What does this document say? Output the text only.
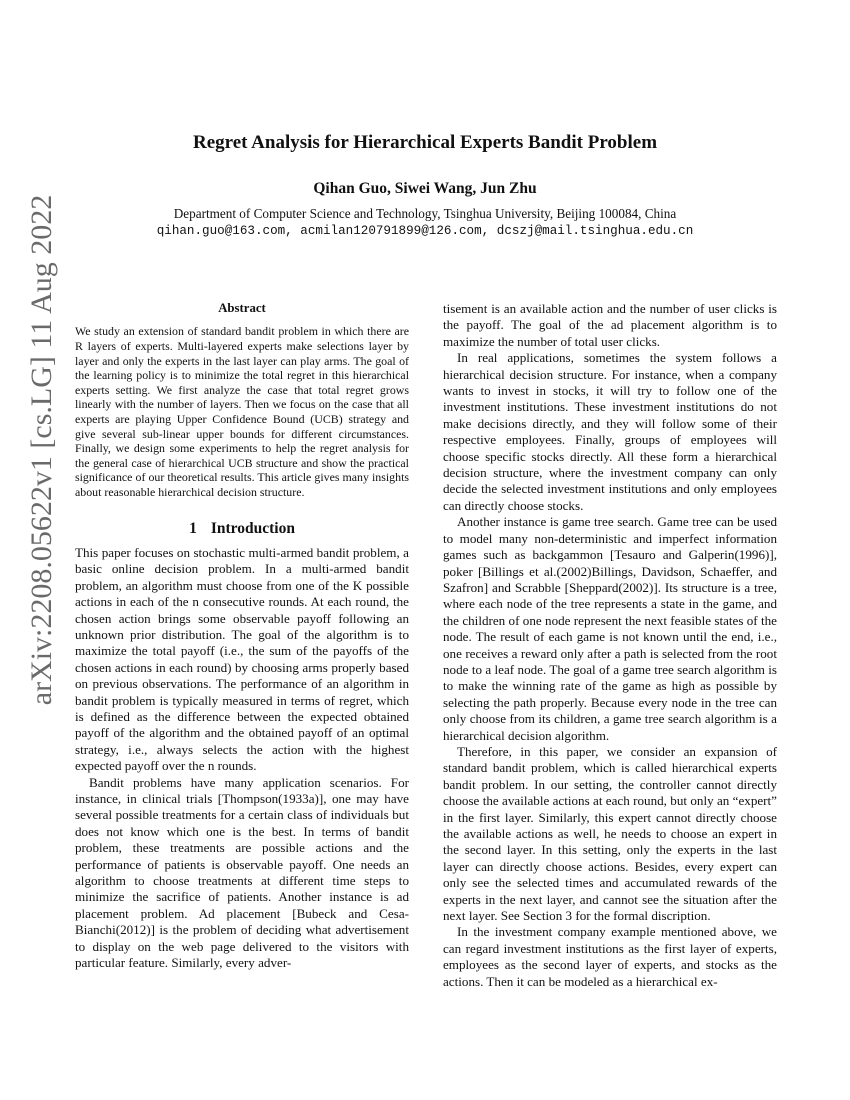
arXiv:2208.05622v1 [cs.LG] 11 Aug 2022
Regret Analysis for Hierarchical Experts Bandit Problem
Qihan Guo, Siwei Wang, Jun Zhu
Department of Computer Science and Technology, Tsinghua University, Beijing 100084, China
qihan.guo@163.com, acmilan120791899@126.com, dcszj@mail.tsinghua.edu.cn
Abstract

We study an extension of standard bandit problem in which there are R layers of experts. Multi-layered experts make selections layer by layer and only the experts in the last layer can play arms. The goal of the learning policy is to minimize the total regret in this hierarchical experts setting. We first analyze the case that total regret grows linearly with the number of layers. Then we focus on the case that all experts are playing Upper Confidence Bound (UCB) strategy and give several sub-linear upper bounds for different circumstances. Finally, we design some experiments to help the regret analysis for the general case of hierarchical UCB structure and show the practical significance of our theoretical results. This article gives many insights about reasonable hierarchical decision structure.

1 Introduction

This paper focuses on stochastic multi-armed bandit problem, a basic online decision problem. In a multi-armed bandit problem, an algorithm must choose from one of the K possible actions in each of the n consecutive rounds. At each round, the chosen action brings some observable payoff following an unknown prior distribution. The goal of the algorithm is to maximize the total payoff (i.e., the sum of the payoffs of the chosen actions in each round) by choosing arms properly based on previous observations. The performance of an algorithm in bandit problem is typically measured in terms of regret, which is defined as the difference between the expected obtained payoff of the algorithm and the obtained payoff of an optimal strategy, i.e., always selects the action with the highest expected payoff over the n rounds.

Bandit problems have many application scenarios. For instance, in clinical trials [Thompson(1933a)], one may have several possible treatments for a certain class of individuals but does not know which one is the best. In terms of bandit problem, these treatments are possible actions and the performance of patients is observable payoff. One needs an algorithm to choose treatments at different time steps to minimize the sacrifice of patients. Another instance is ad placement problem. Ad placement [Bubeck and Cesa-Bianchi(2012)] is the problem of deciding what advertisement to display on the web page delivered to the visitors with particular feature. Similarly, every adver-

tisement is an available action and the number of user clicks is the payoff. The goal of the ad placement algorithm is to maximize the number of total user clicks.

In real applications, sometimes the system follows a hierarchical decision structure. For instance, when a company wants to invest in stocks, it will try to follow one of the investment institutions. These investment institutions do not make decisions directly, and they will follow some of their respective employees. Finally, groups of employees will choose specific stocks directly. All these form a hierarchical decision structure, where the investment company can only decide the selected investment institutions and only employees can directly choose stocks.

Another instance is game tree search. Game tree can be used to model many non-deterministic and imperfect information games such as backgammon [Tesauro and Galperin(1996)], poker [Billings et al.(2002)Billings, Davidson, Schaeffer, and Szafron] and Scrabble [Sheppard(2002)]. Its structure is a tree, where each node of the tree represents a state in the game, and the children of one node represent the next feasible states of the node. The result of each game is not known until the end, i.e., one receives a reward only after a path is selected from the root node to a leaf node. The goal of a game tree search algorithm is to make the winning rate of the game as high as possible by selecting the path properly. Because every node in the tree can only choose from its children, a game tree search algorithm is a hierarchical decision algorithm.

Therefore, in this paper, we consider an expansion of standard bandit problem, which is called hierarchical experts bandit problem. In our setting, the controller cannot directly choose the available actions at each round, but only an “expert” in the first layer. Similarly, this expert cannot directly choose the available actions as well, he needs to choose an expert in the second layer. In this setting, only the experts in the last layer can directly choose actions. Besides, every expert can only see the selected times and accumulated rewards of the experts in the next layer, and cannot see the situation after the next layer. See Section 3 for the formal discription.

In the investment company example mentioned above, we can regard investment institutions as the first layer of experts, employees as the second layer of experts, and stocks as the actions. Then it can be modeled as a hierarchical ex-
